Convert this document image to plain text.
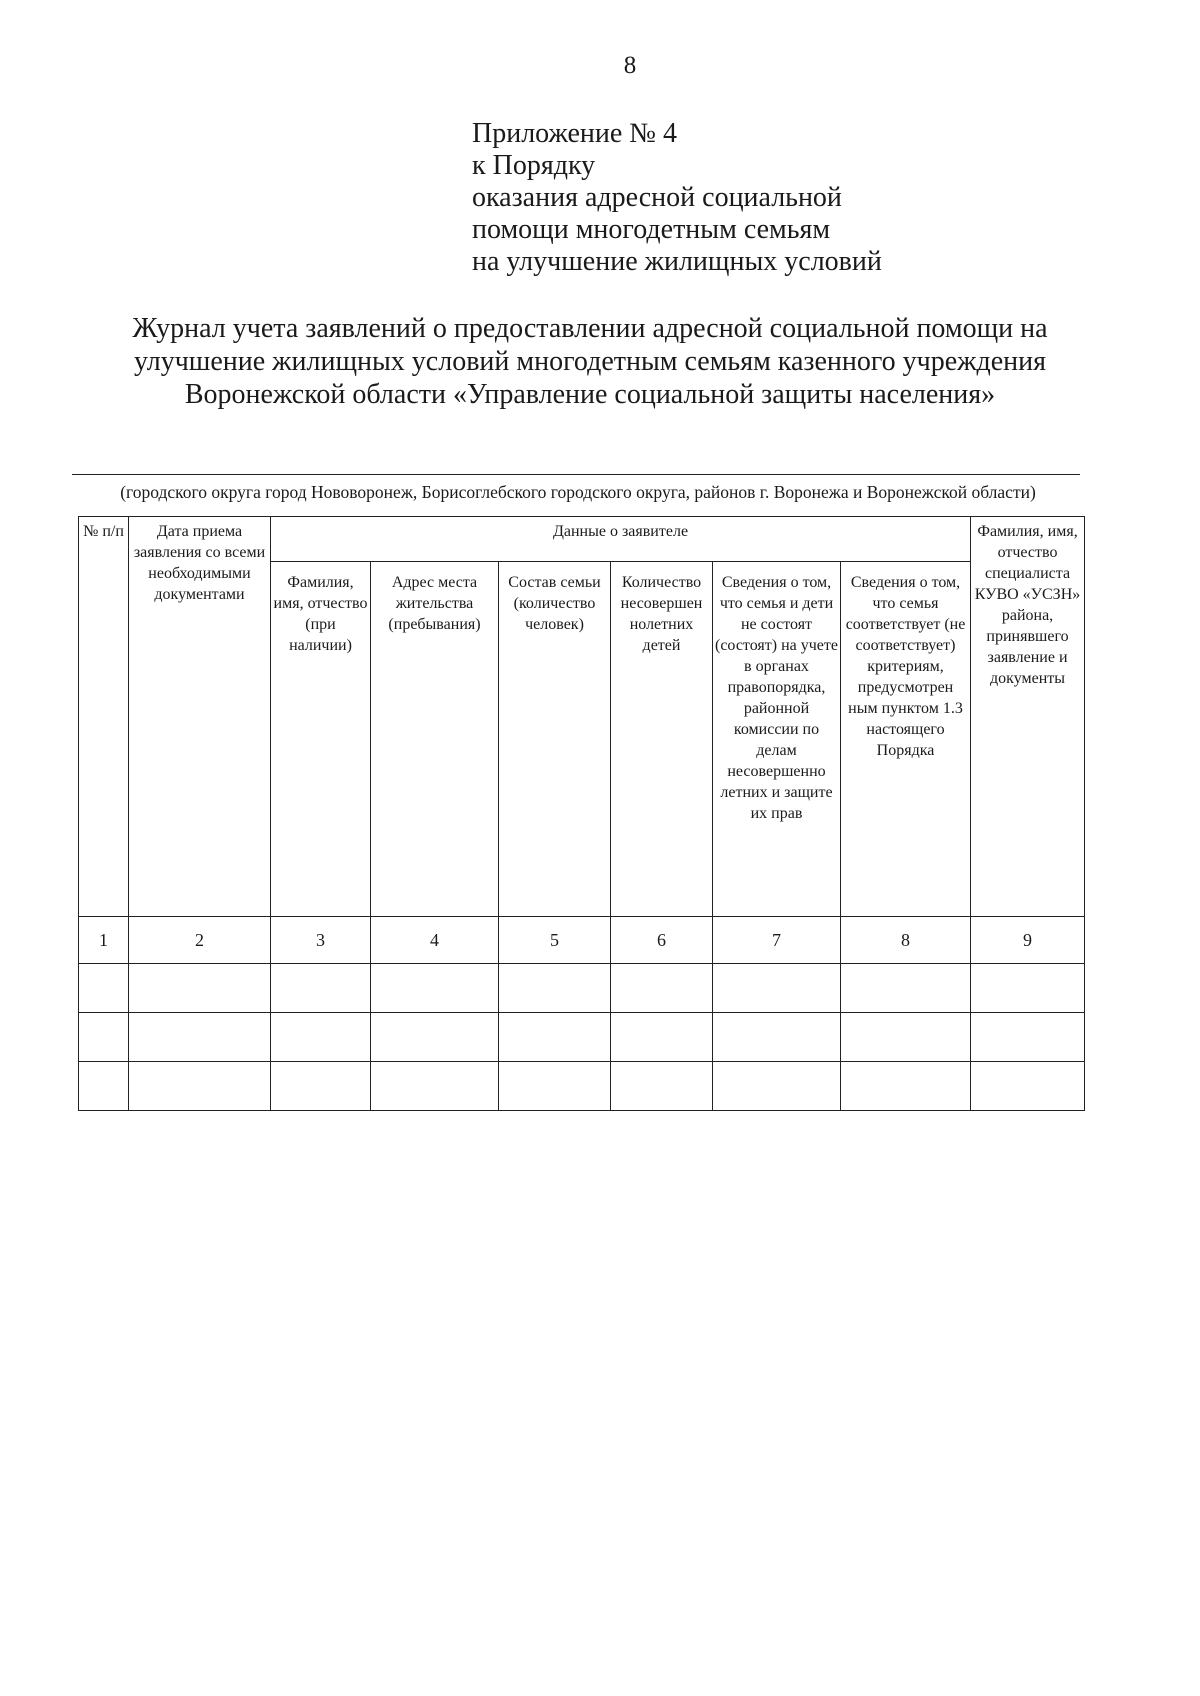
8
Приложение № 4
к Порядку
оказания адресной социальной
помощи многодетным семьям
на улучшение жилищных условий
Журнал учета заявлений о предоставлении адресной социальной помощи на
улучшение жилищных условий многодетным семьям казенного учреждения
Воронежской области «Управление социальной защиты населения»
(городского округа город Нововоронеж, Борисоглебского городского округа, районов г. Воронежа и Воронежской области)
№ п/п	Дата приема заявления со всеми необходимыми документами	Данные о заявителе						Фамилия, имя, отчество специалиста КУВО «УСЗН» района, принявшего заявление и документы
		Фамилия, имя, отчество (при наличии)	Адрес места жительства (пребывания)	Состав семьи (количество человек)	Количество несовершен нолетних детей	Сведения о том, что семья и дети не состоят (состоят) на учете в органах правопорядка, районной комиссии по делам несовершенно летних и защите их прав	Сведения о том, что семья соответствует (не соответствует) критериям, предусмотрен ным пунктом 1.3 настоящего Порядка	
1	2	3	4	5	6	7	8	9
